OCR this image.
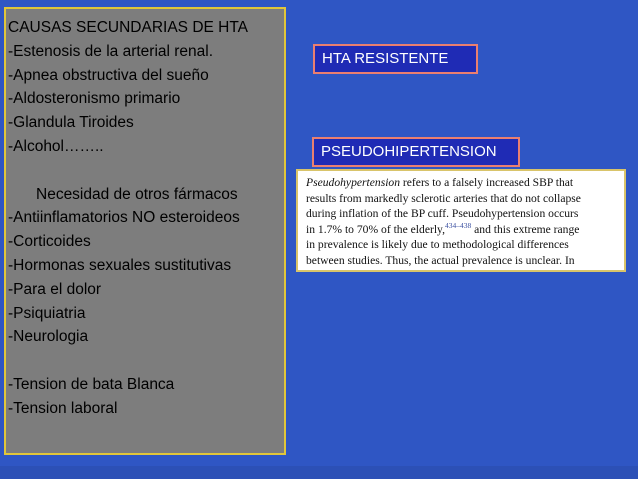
CAUSAS SECUNDARIAS DE HTA
-Estenosis de la arterial renal.
-Apnea obstructiva del sueño
-Aldosteronismo primario
-Glandula Tiroides
-Alcohol……..
Necesidad de otros fármacos
-Antiinflamatorios NO esteroideos
-Corticoides
-Hormonas sexuales sustitutivas
-Para el dolor
-Psiquiatria
-Neurologia
-Tension de bata Blanca
-Tension laboral
HTA RESISTENTE
PSEUDOHIPERTENSION
Pseudohypertension refers to a falsely increased SBP that
results from markedly sclerotic arteries that do not collapse
during inflation of the BP cuff. Pseudohypertension occurs
in 1.7% to 70% of the elderly,$^{434-438}$ and this extreme range
in prevalence is likely due to methodological differences
between studies. Thus, the actual prevalence is unclear. In
